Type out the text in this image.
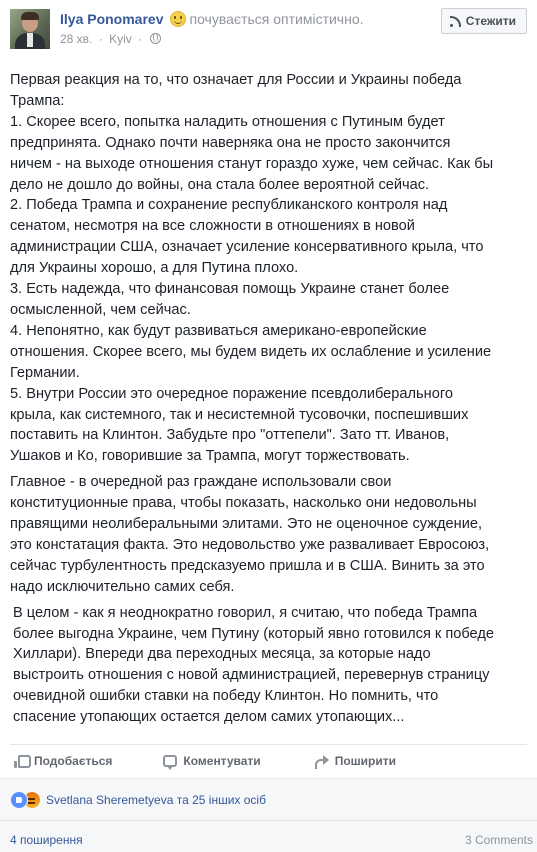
Ilya Ponomarev почувається оптимістично.
28 хв. · Kyiv ·
Стежити
Первая реакция на то, что означает для России и Украины победа
Трампа:
1. Скорее всего, попытка наладить отношения с Путиным будет
предпринята. Однако почти наверняка она не просто закончится
ничем - на выходе отношения станут гораздо хуже, чем сейчас. Как бы
дело не дошло до войны, она стала более вероятной сейчас.
2. Победа Трампа и сохранение республиканского контроля над
сенатом, несмотря на все сложности в отношениях в новой
администрации США, означает усиление консервативного крыла, что
для Украины хорошо, а для Путина плохо.
3. Есть надежда, что финансовая помощь Украине станет более
осмысленной, чем сейчас.
4. Непонятно, как будут развиваться американо-европейские
отношения. Скорее всего, мы будем видеть их ослабление и усиление
Германии.
5. Внутри России это очередное поражение псевдолиберального
крыла, как системного, так и несистемной тусовочки, поспешивших
поставить на Клинтон. Забудьте про "оттепели". Зато тт. Иванов,
Ушаков и Ко, говорившие за Трампа, могут торжествовать.
Главное - в очередной раз граждане использовали свои
конституционные права, чтобы показать, насколько они недовольны
правящими неолиберальными элитами. Это не оценочное суждение,
это констатация факта. Это недовольство уже разваливает Евросоюз,
сейчас турбулентность предсказуемо пришла и в США. Винить за это
надо исключительно самих себя.
В целом - как я неоднократно говорил, я считаю, что победа Трампа
более выгодна Украине, чем Путину (который явно готовился к победе
Хиллари). Впереди два переходных месяца, за которые надо
выстроить отношения с новой администрацией, перевернув страницу
очевидной ошибки ставки на победу Клинтон. Но помнить, что
спасение утопающих остается делом самих утопающих...
Подобається	Коментувати	Поширити
Svetlana Sheremetyeva та 25 інших осіб
4 поширення	3 Comments
